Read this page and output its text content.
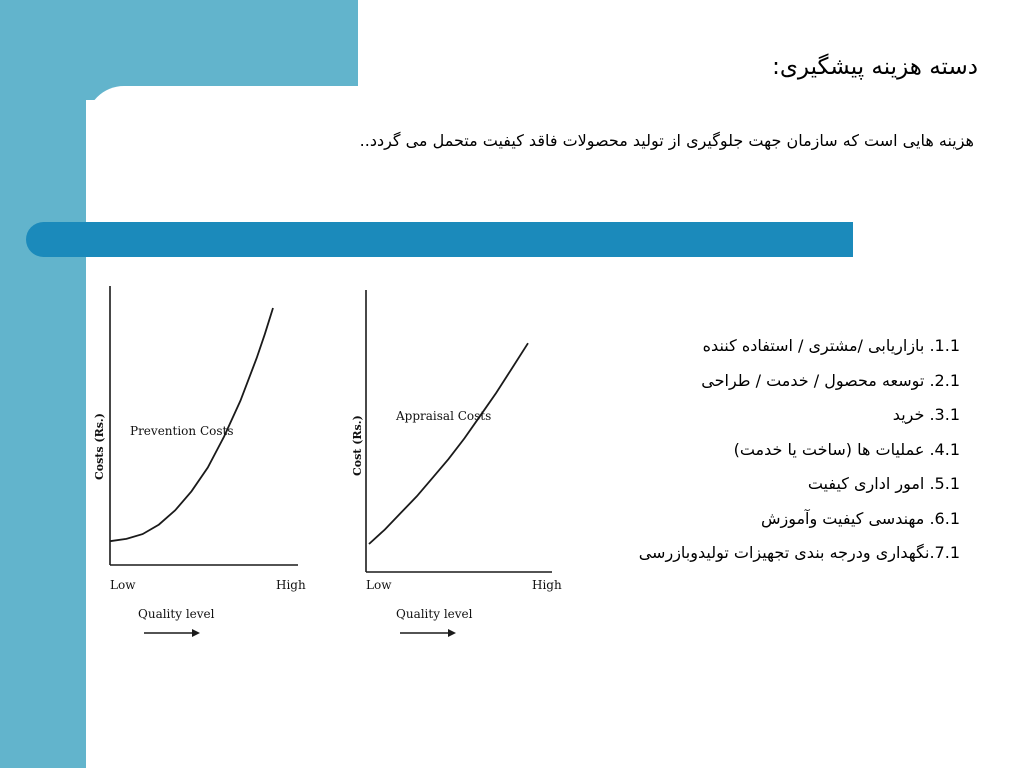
دسته هزینه پیشگیری:
هزینه هایی است که سازمان جهت جلوگیری از تولید محصولات فاقد کیفیت متحمل می گردد..
Prevention Costs
Costs (Rs.)
Low	High
Quality level
Appraisal Costs
Cost (Rs.)
Low	High
Quality level
1.1. بازاریابی /مشتری / استفاده کننده
2.1. توسعه محصول / خدمت / طراحی
3.1. خرید
4.1. عملیات ها (ساخت یا خدمت)
5.1. امور اداری کیفیت
6.1. مهندسی کیفیت وآموزش
7.1.نگهداری ودرجه بندی تجهیزات تولیدوبازرسی
